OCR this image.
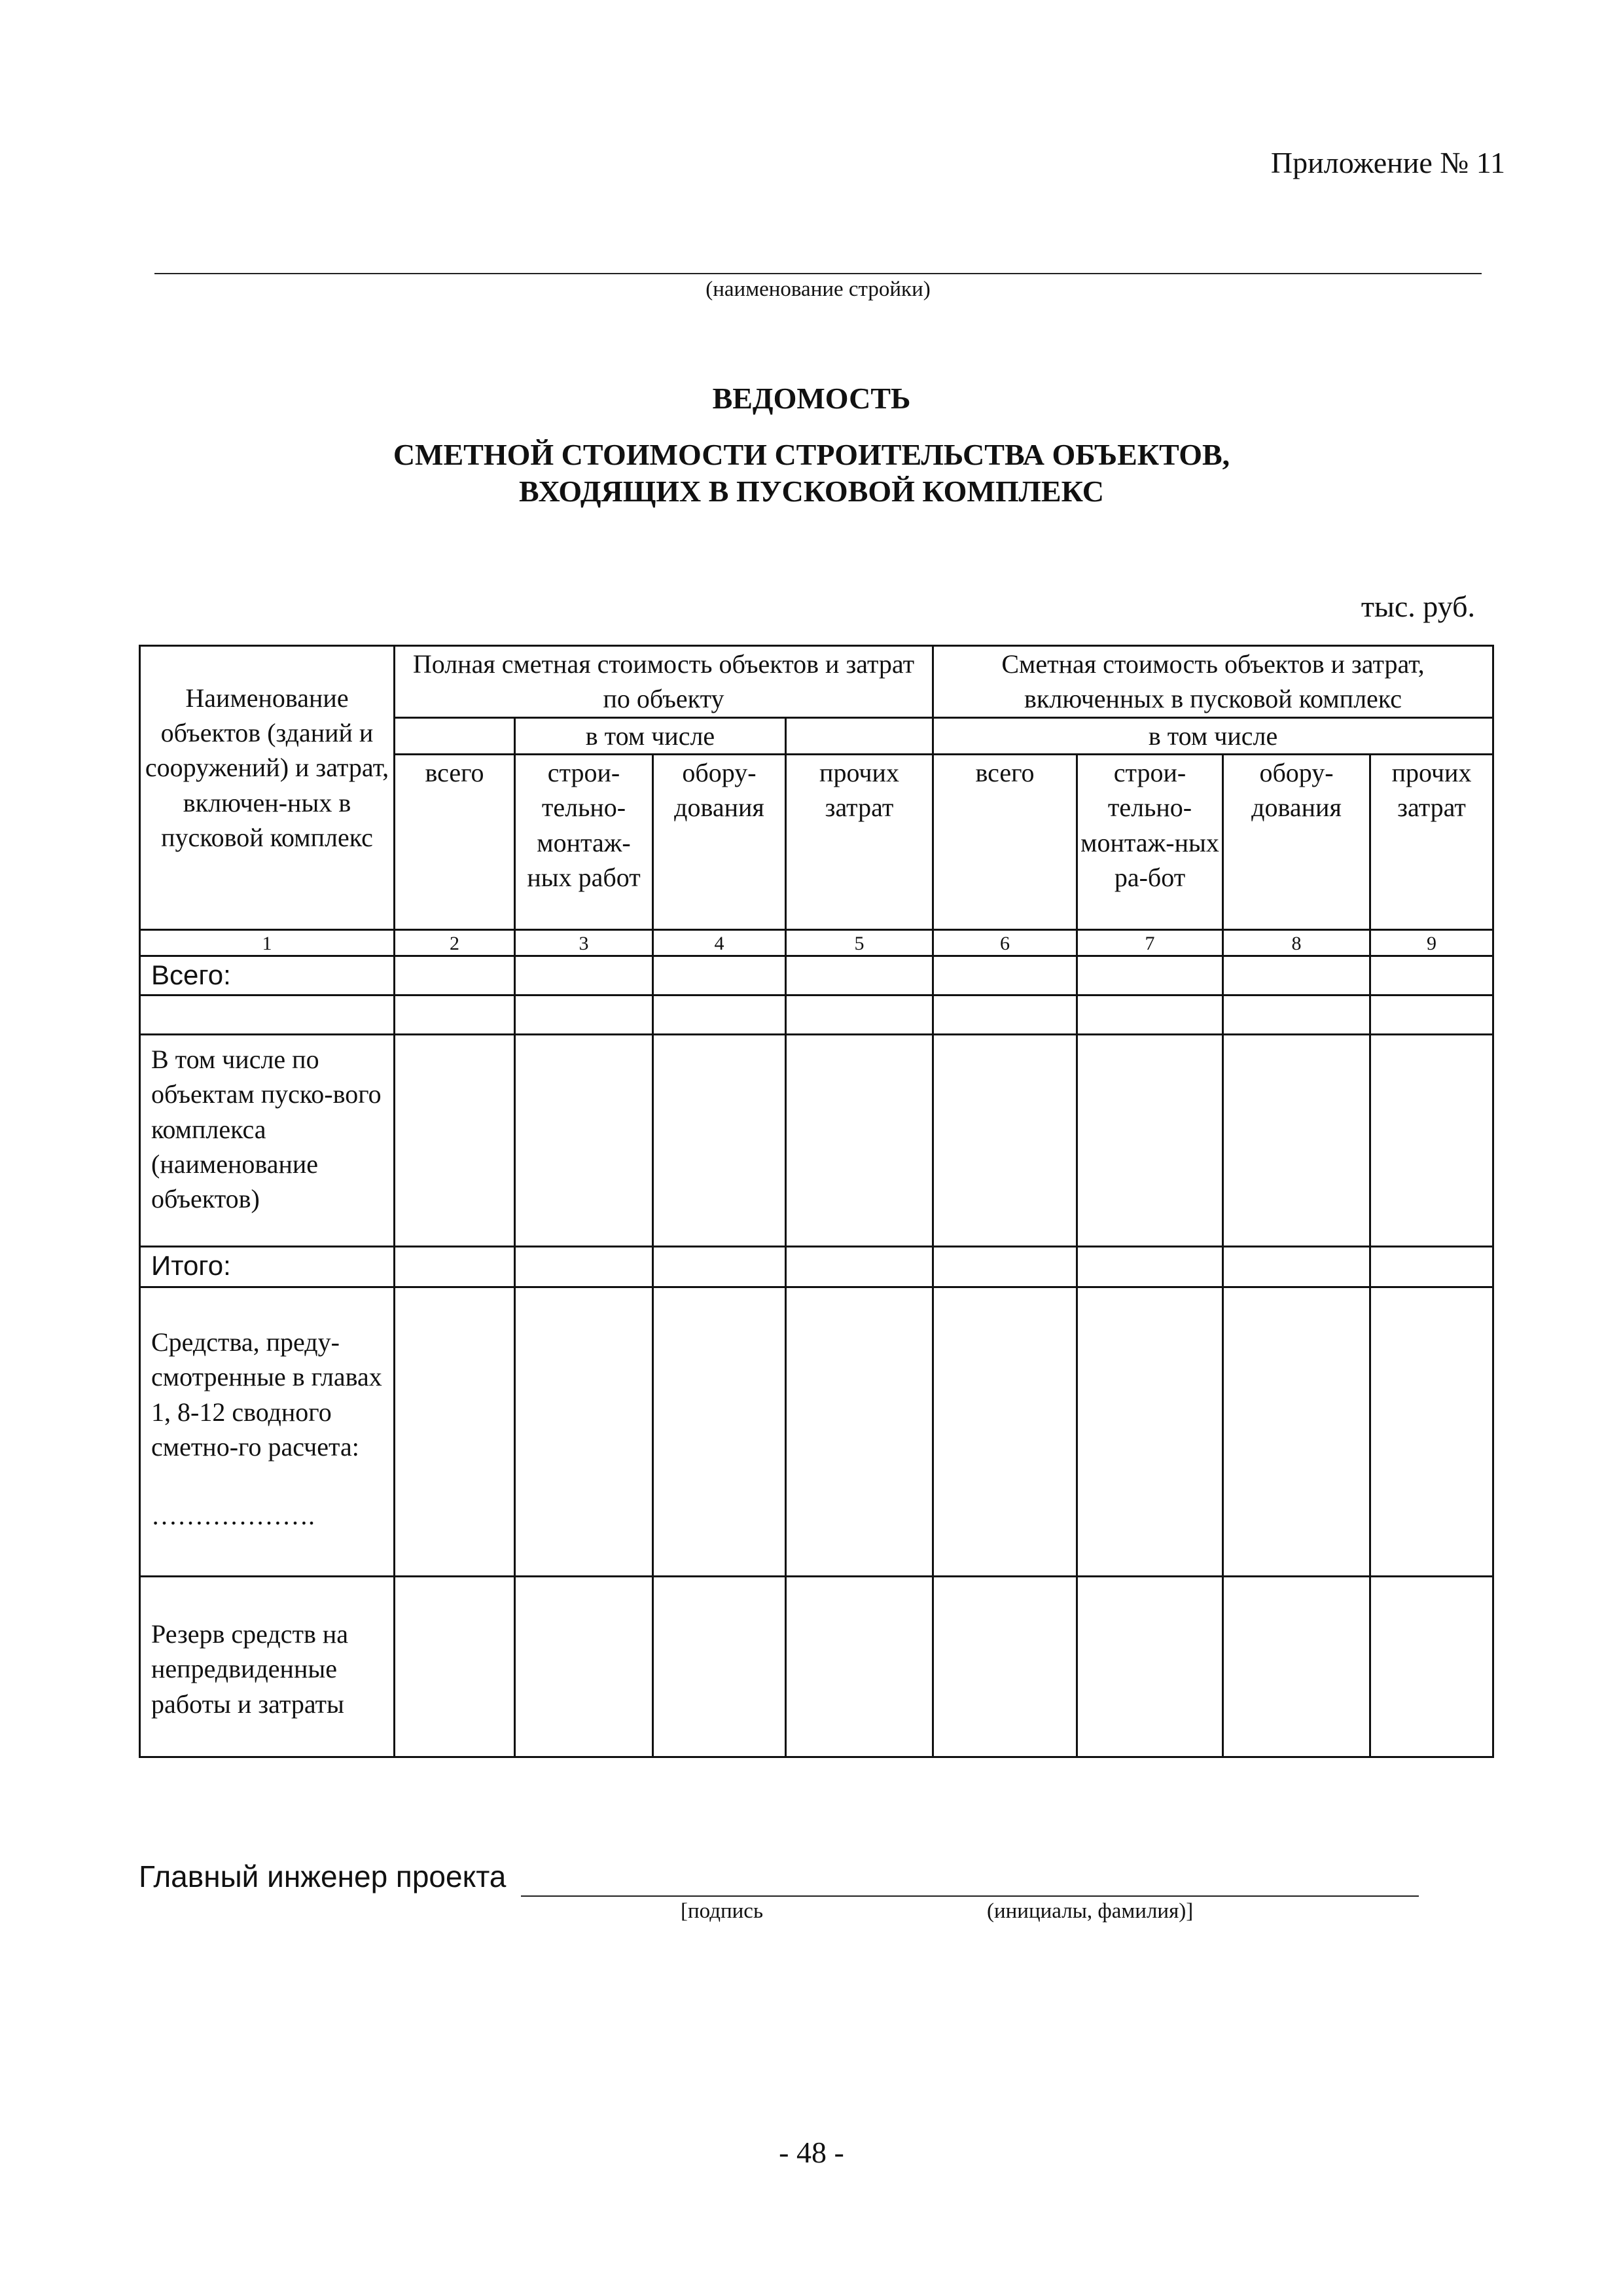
Приложение № 11
(наименование стройки)
ВЕДОМОСТЬ
СМЕТНОЙ СТОИМОСТИ СТРОИТЕЛЬСТВА ОБЪЕКТОВ,
ВХОДЯЩИХ В ПУСКОВОЙ КОМПЛЕКС
тыс. руб.
Наименование объектов (зданий и сооружений) и затрат, включен-ных в пусковой комплекс	Полная сметная стоимость объектов и затрат по объекту				Сметная стоимость объектов и затрат, включенных в пусковой комплекс			
		в том числе			в том числе			
	всего	строи-тельно-монтаж-ных работ	обору-дования	прочих затрат	всего	строи-тельно-монтаж-ных ра-бот	обору-дования	прочих затрат
1	2	3	4	5	6	7	8	9
Всего:								

В том числе по объектам пуско-вого комплекса (наименование объектов)								
Итого:								

Средства, преду-смотренные в главах 1, 8-12 сводного сметно-го расчета:
……………….								

Резерв средств на непредвиденные работы и затраты								
Главный инженер проекта
[подпись	(инициалы, фамилия)]
- 48 -
